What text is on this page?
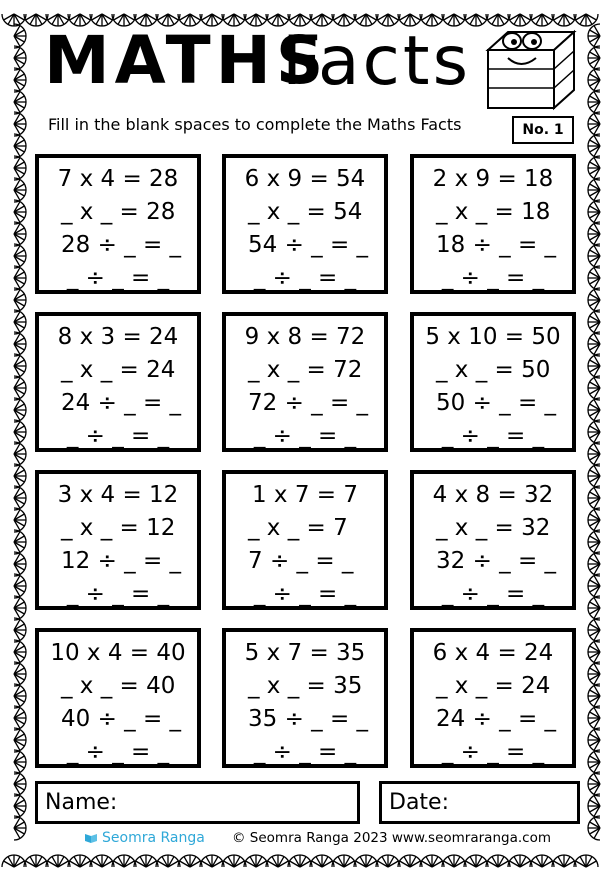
MATHS
Facts
Fill in the blank spaces to complete the Maths Facts	No. 1
7 x 4 = 28
_ x _ = 28
28 ÷ _ = _
_ ÷ _ = _
6 x 9 = 54
_ x _ = 54
54 ÷ _ = _
_ ÷ _ = _
2 x 9 = 18
_ x _ = 18
18 ÷ _ = _
_ ÷ _ = _
8 x 3 = 24
_ x _ = 24
24 ÷ _ = _
_ ÷ _ = _
9 x 8 = 72
_ x _ = 72
72 ÷ _ = _
_ ÷ _ = _
5 x 10 = 50
_ x _ = 50
50 ÷ _ = _
_ ÷ _ = _
3 x 4 = 12
_ x _ = 12
12 ÷ _ = _
_ ÷ _ = _
1 x 7 = 7
_ x _ = 7
7 ÷ _ = _
_ ÷ _ = _
4 x 8 = 32
_ x _ = 32
32 ÷ _ = _
_ ÷ _ = _
10 x 4 = 40
_ x _ = 40
40 ÷ _ = _
_ ÷ _ = _
5 x 7 = 35
_ x _ = 35
35 ÷ _ = _
_ ÷ _ = _
6 x 4 = 24
_ x _ = 24
24 ÷ _ = _
_ ÷ _ = _
Name:	Date:
Seomra Ranga © Seomra Ranga 2023 www.seomraranga.com
